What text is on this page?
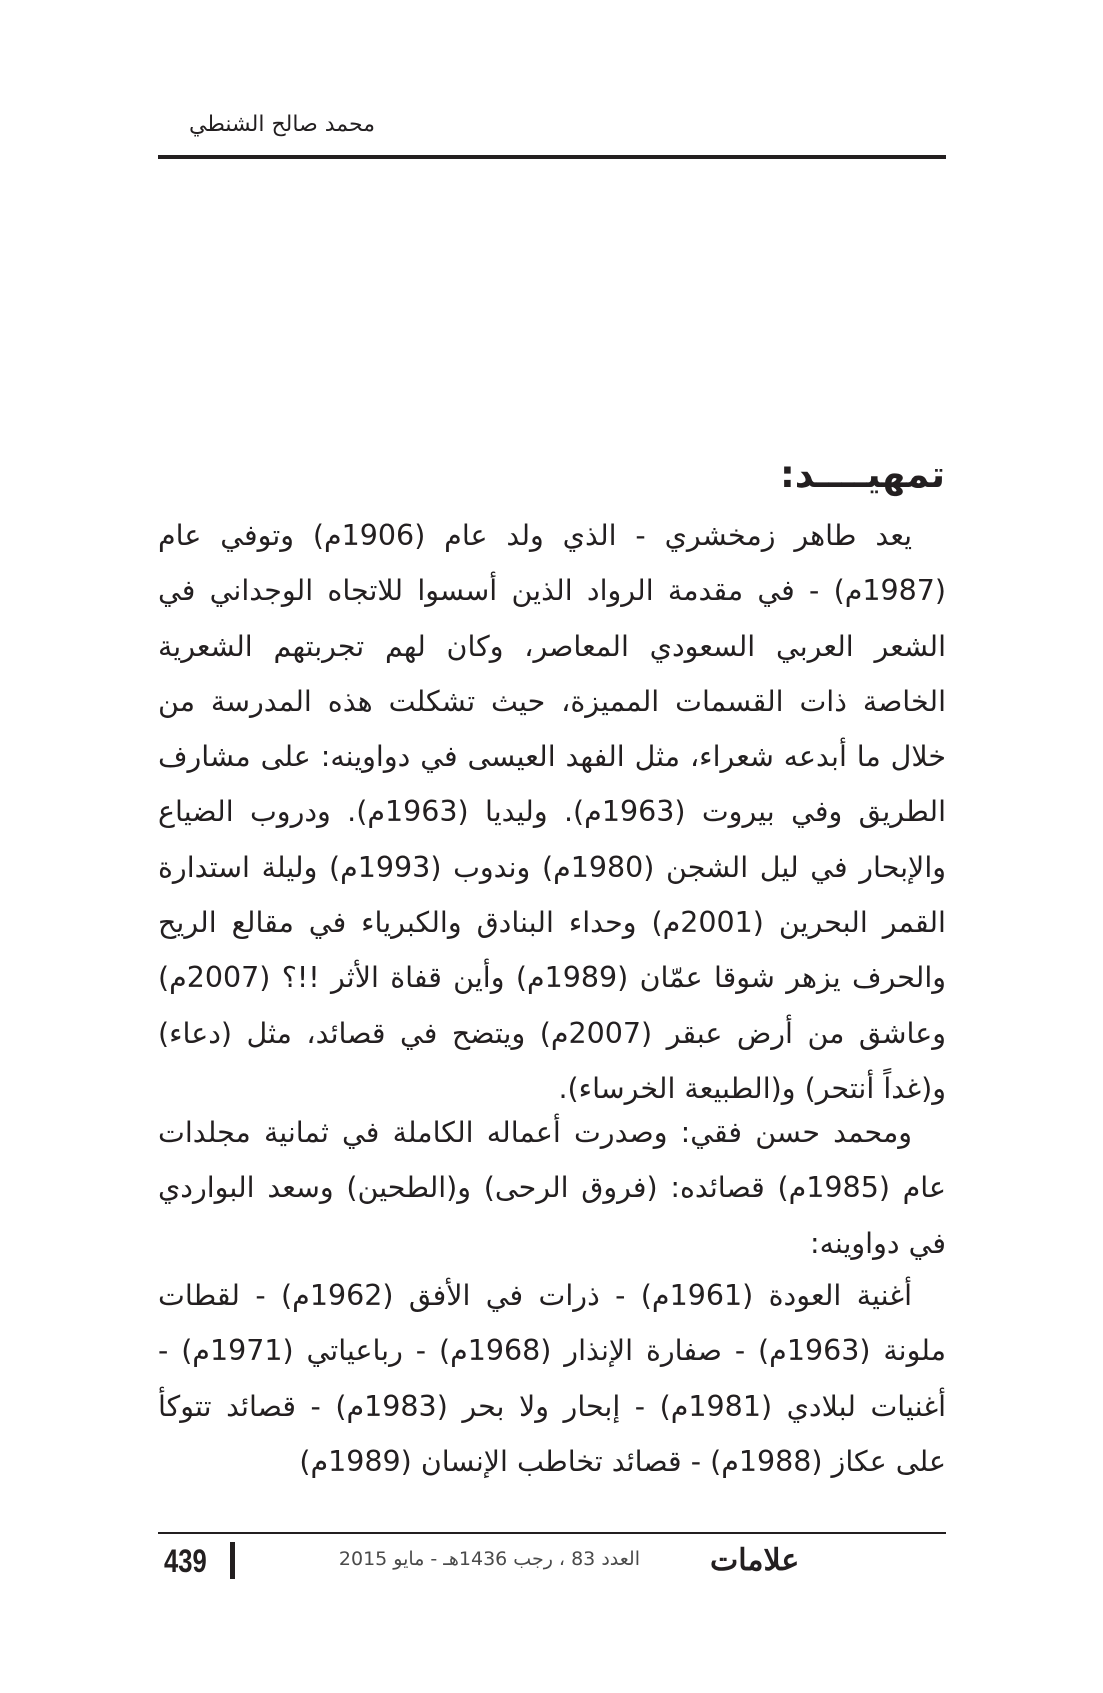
محمد صالح الشنطي
تمهيــــد:
يعد طاهر زمخشري - الذي ولد عام (1906م) وتوفي عام (1987م) - في مقدمة الرواد الذين أسسوا للاتجاه الوجداني في الشعر العربي السعودي المعاصر، وكان لهم تجربتهم الشعرية الخاصة ذات القسمات المميزة، حيث تشكلت هذه المدرسة من خلال ما أبدعه شعراء، مثل الفهد العيسى في دواوينه: على مشارف الطريق وفي بيروت (1963م). وليديا (1963م). ودروب الضياع والإبحار في ليل الشجن (1980م) وندوب (1993م) وليلة استدارة القمر البحرين (2001م) وحداء البنادق والكبرياء في مقالع الريح والحرف يزهر شوقا عمّان (1989م) وأين قفاة الأثر !!؟ (2007م) وعاشق من أرض عبقر (2007م) ويتضح في قصائد، مثل (دعاء) و(غداً أنتحر) و(الطبيعة الخرساء).
ومحمد حسن فقي: وصدرت أعماله الكاملة في ثمانية مجلدات عام (1985م) قصائده: (فروق الرحى) و(الطحين) وسعد البواردي في دواوينه:
أغنية العودة (1961م) - ذرات في الأفق (1962م) - لقطات ملونة (1963م) - صفارة الإنذار (1968م) - رباعياتي (1971م) - أغنيات لبلادي (1981م) - إبحار ولا بحر (1983م) - قصائد تتوكأ على عكاز (1988م) - قصائد تخاطب الإنسان (1989م)
439	العدد 83 ، رجب 1436هـ - مايو 2015 علامات
